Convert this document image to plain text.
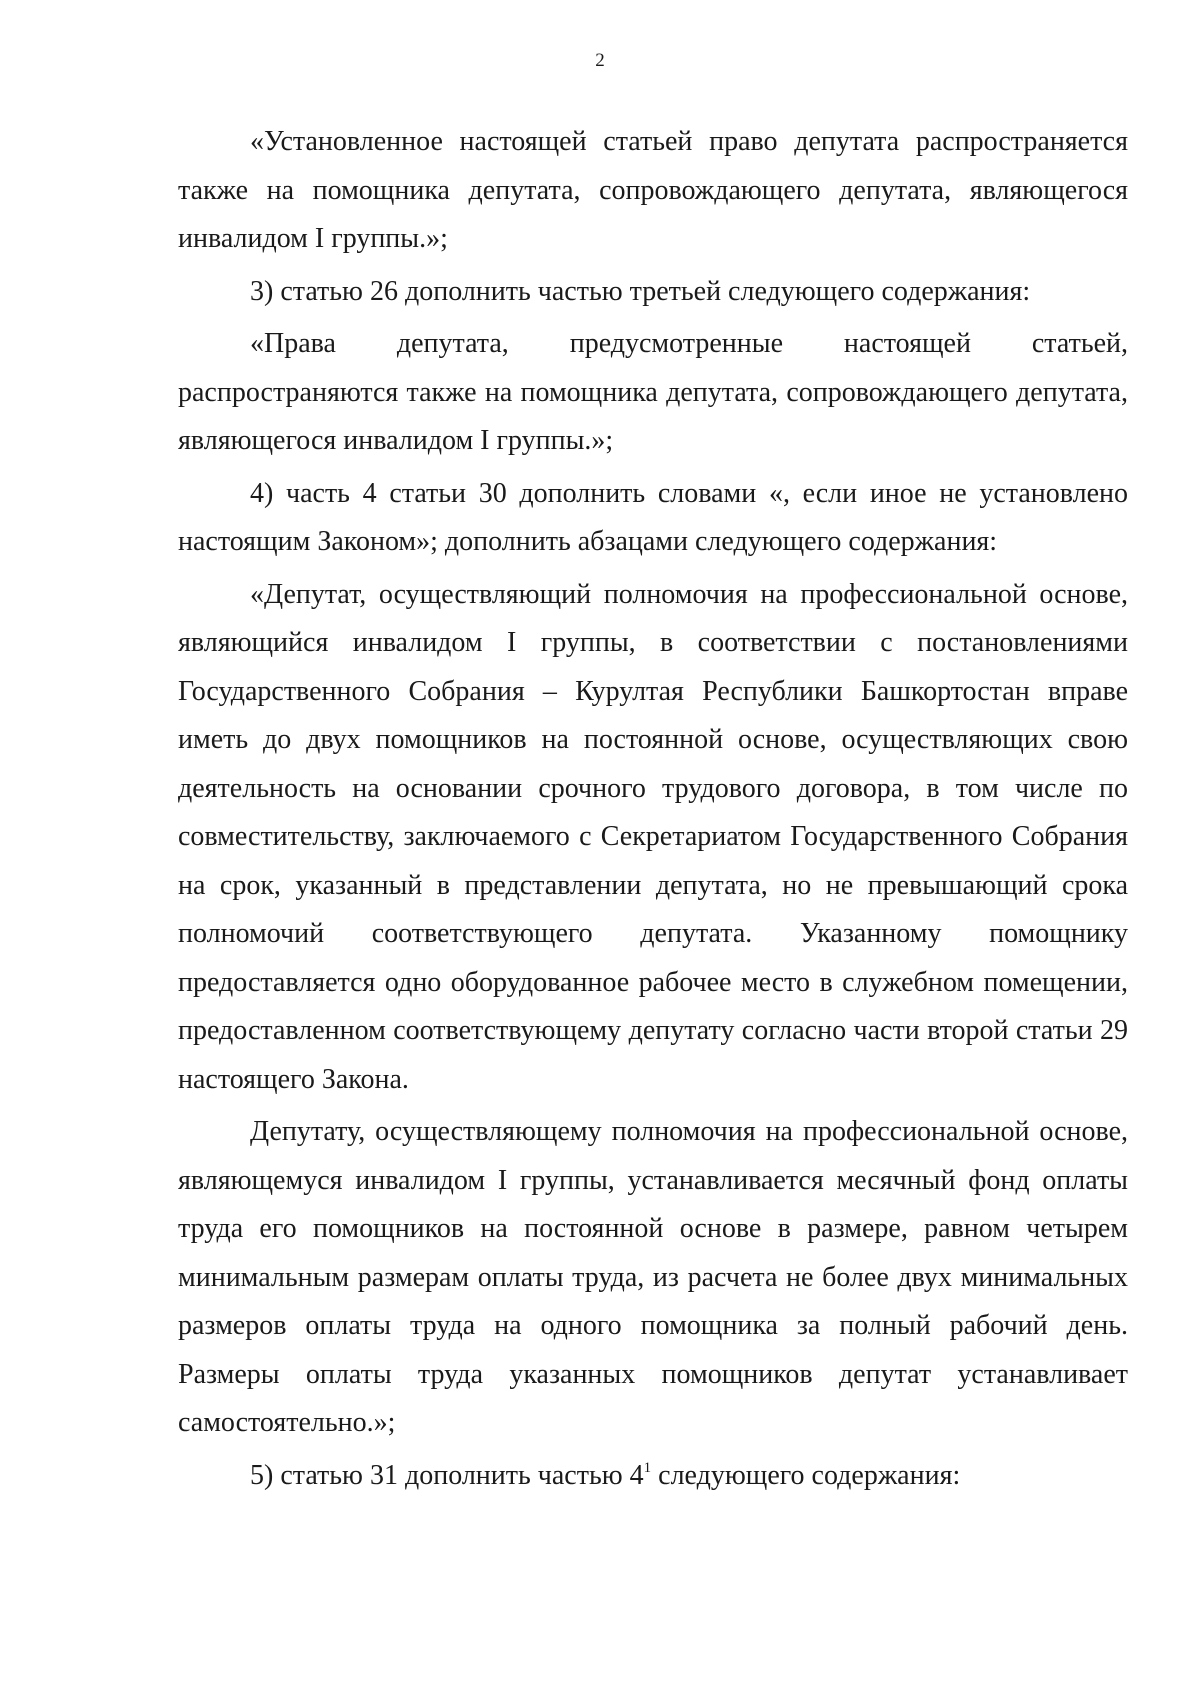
2

«Установленное настоящей статьей право депутата распространяется также на помощника депутата, сопровождающего депутата, являющегося инвалидом I группы.»;

3) статью 26 дополнить частью третьей следующего содержания:

«Права депутата, предусмотренные настоящей статьей, распространяются также на помощника депутата, сопровождающего депутата, являющегося инвалидом I группы.»;

4) часть 4 статьи 30 дополнить словами «, если иное не установлено настоящим Законом»; дополнить абзацами следующего содержания:

«Депутат, осуществляющий полномочия на профессиональной основе, являющийся инвалидом I группы, в соответствии с постановлениями Государственного Собрания – Курултая Республики Башкортостан вправе иметь до двух помощников на постоянной основе, осуществляющих свою деятельность на основании срочного трудового договора, в том числе по совместительству, заключаемого с Секретариатом Государственного Собрания на срок, указанный в представлении депутата, но не превышающий срока полномочий соответствующего депутата. Указанному помощнику предоставляется одно оборудованное рабочее место в служебном помещении, предоставленном соответствующему депутату согласно части второй статьи 29 настоящего Закона.

Депутату, осуществляющему полномочия на профессиональной основе, являющемуся инвалидом I группы, устанавливается месячный фонд оплаты труда его помощников на постоянной основе в размере, равном четырем минимальным размерам оплаты труда, из расчета не более двух минимальных размеров оплаты труда на одного помощника за полный рабочий день. Размеры оплаты труда указанных помощников депутат устанавливает самостоятельно.»;

5) статью 31 дополнить частью $4^1$ следующего содержания:
